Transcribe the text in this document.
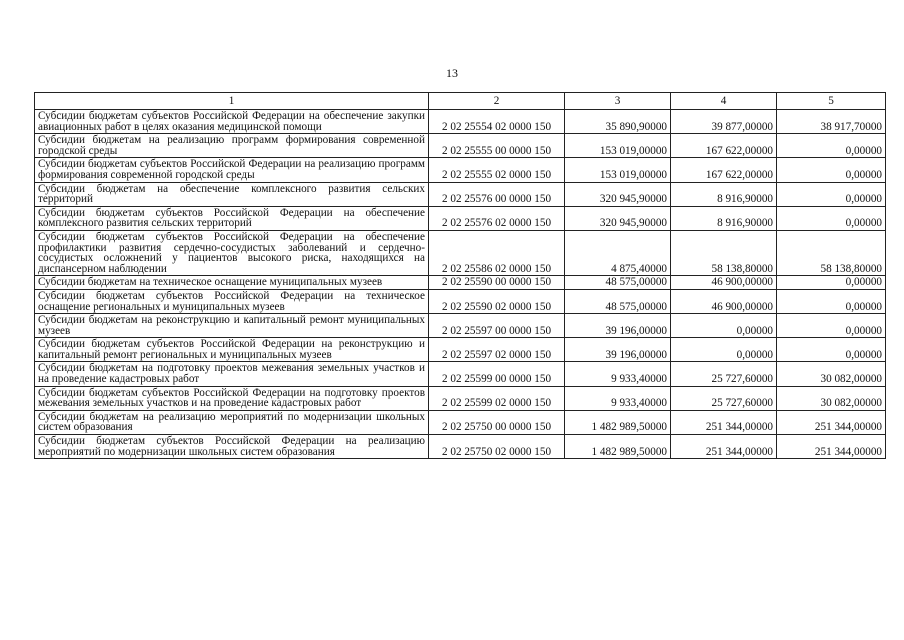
13
1	2	3	4	5
Субсидии бюджетам субъектов Российской Федерации на обеспечение закупки авиационных работ в целях оказания медицинской помощи	2 02 25554 02 0000 150	35 890,90000	39 877,00000	38 917,70000
Субсидии бюджетам на реализацию программ формирования современной городской среды	2 02 25555 00 0000 150	153 019,00000	167 622,00000	0,00000
Субсидии бюджетам субъектов Российской Федерации на реализацию программ формирования современной городской среды	2 02 25555 02 0000 150	153 019,00000	167 622,00000	0,00000
Субсидии бюджетам на обеспечение комплексного развития сельских территорий	2 02 25576 00 0000 150	320 945,90000	8 916,90000	0,00000
Субсидии бюджетам субъектов Российской Федерации на обеспечение комплексного развития сельских территорий	2 02 25576 02 0000 150	320 945,90000	8 916,90000	0,00000
Субсидии бюджетам субъектов Российской Федерации на обеспечение профилактики развития сердечно-сосудистых заболеваний и сердечно-сосудистых осложнений у пациентов высокого риска, находящихся на диспансерном наблюдении	2 02 25586 02 0000 150	4 875,40000	58 138,80000	58 138,80000
Субсидии бюджетам на техническое оснащение муниципальных музеев	2 02 25590 00 0000 150	48 575,00000	46 900,00000	0,00000
Субсидии бюджетам субъектов Российской Федерации на техническое оснащение региональных и муниципальных музеев	2 02 25590 02 0000 150	48 575,00000	46 900,00000	0,00000
Субсидии бюджетам на реконструкцию и капитальный ремонт муниципальных музеев	2 02 25597 00 0000 150	39 196,00000	0,00000	0,00000
Субсидии бюджетам субъектов Российской Федерации на реконструкцию и капитальный ремонт региональных и муниципальных музеев	2 02 25597 02 0000 150	39 196,00000	0,00000	0,00000
Субсидии бюджетам на подготовку проектов межевания земельных участков и на проведение кадастровых работ	2 02 25599 00 0000 150	9 933,40000	25 727,60000	30 082,00000
Субсидии бюджетам субъектов Российской Федерации на подготовку проектов межевания земельных участков и на проведение кадастровых работ	2 02 25599 02 0000 150	9 933,40000	25 727,60000	30 082,00000
Субсидии бюджетам на реализацию мероприятий по модернизации школьных систем образования	2 02 25750 00 0000 150	1 482 989,50000	251 344,00000	251 344,00000
Субсидии бюджетам субъектов Российской Федерации на реализацию мероприятий по модернизации школьных систем образования	2 02 25750 02 0000 150	1 482 989,50000	251 344,00000	251 344,00000
